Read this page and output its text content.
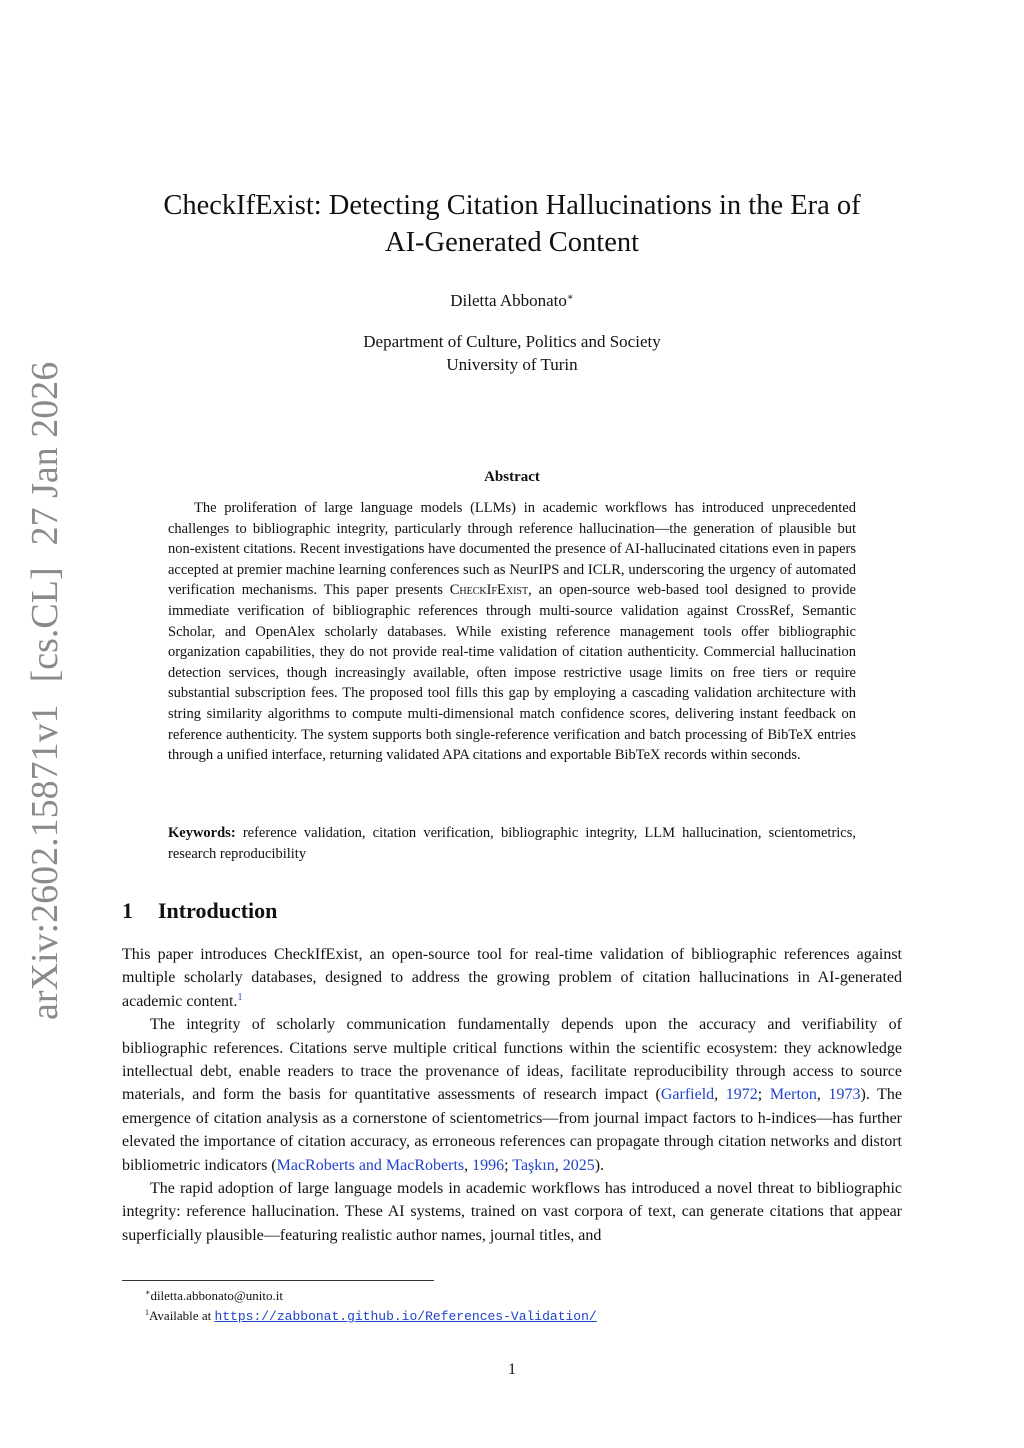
arXiv:2602.15871v1[cs.CL]27 Jan 2026
CheckIfExist: Detecting Citation Hallucinations in the Era of
AI-Generated Content
Diletta Abbonato∗
Department of Culture, Politics and Society
University of Turin
Abstract

The proliferation of large language models (LLMs) in academic workflows has introduced unprecedented challenges to bibliographic integrity, particularly through reference hallucination—the generation of plausible but non-existent citations. Recent investigations have documented the presence of AI-hallucinated citations even in papers accepted at premier machine learning conferences such as NeurIPS and ICLR, underscoring the urgency of automated verification mechanisms. This paper presents CheckIfExist, an open-source web-based tool designed to provide immediate verification of bibliographic references through multi-source validation against CrossRef, Semantic Scholar, and OpenAlex scholarly databases. While existing reference management tools offer bibliographic organization capabilities, they do not provide real-time validation of citation authenticity. Commercial hallucination detection services, though increasingly available, often impose restrictive usage limits on free tiers or require substantial subscription fees. The proposed tool fills this gap by employing a cascading validation architecture with string similarity algorithms to compute multi-dimensional match confidence scores, delivering instant feedback on reference authenticity. The system supports both single-reference verification and batch processing of BibTeX entries through a unified interface, returning validated APA citations and exportable BibTeX records within seconds.

Keywords: reference validation, citation verification, bibliographic integrity, LLM hallucination, scientometrics, research reproducibility

1 Introduction

This paper introduces CheckIfExist, an open-source tool for real-time validation of bibliographic references against multiple scholarly databases, designed to address the growing problem of citation hallucinations in AI-generated academic content.$^1$

The integrity of scholarly communication fundamentally depends upon the accuracy and verifiability of bibliographic references. Citations serve multiple critical functions within the scientific ecosystem: they acknowledge intellectual debt, enable readers to trace the provenance of ideas, facilitate reproducibility through access to source materials, and form the basis for quantitative assessments of research impact (Garfield, 1972; Merton, 1973). The emergence of citation analysis as a cornerstone of scientometrics—from journal impact factors to h-indices—has further elevated the importance of citation accuracy, as erroneous references can propagate through citation networks and distort bibliometric indicators (MacRoberts and MacRoberts, 1996; Taşkın, 2025).

The rapid adoption of large language models in academic workflows has introduced a novel threat to bibliographic integrity: reference hallucination. These AI systems, trained on vast corpora of text, can generate citations that appear superficially plausible—featuring realistic author names, journal titles, and

∗diletta.abbonato@unito.it
$^1$Available at https://zabbonat.github.io/References-Validation/
1
